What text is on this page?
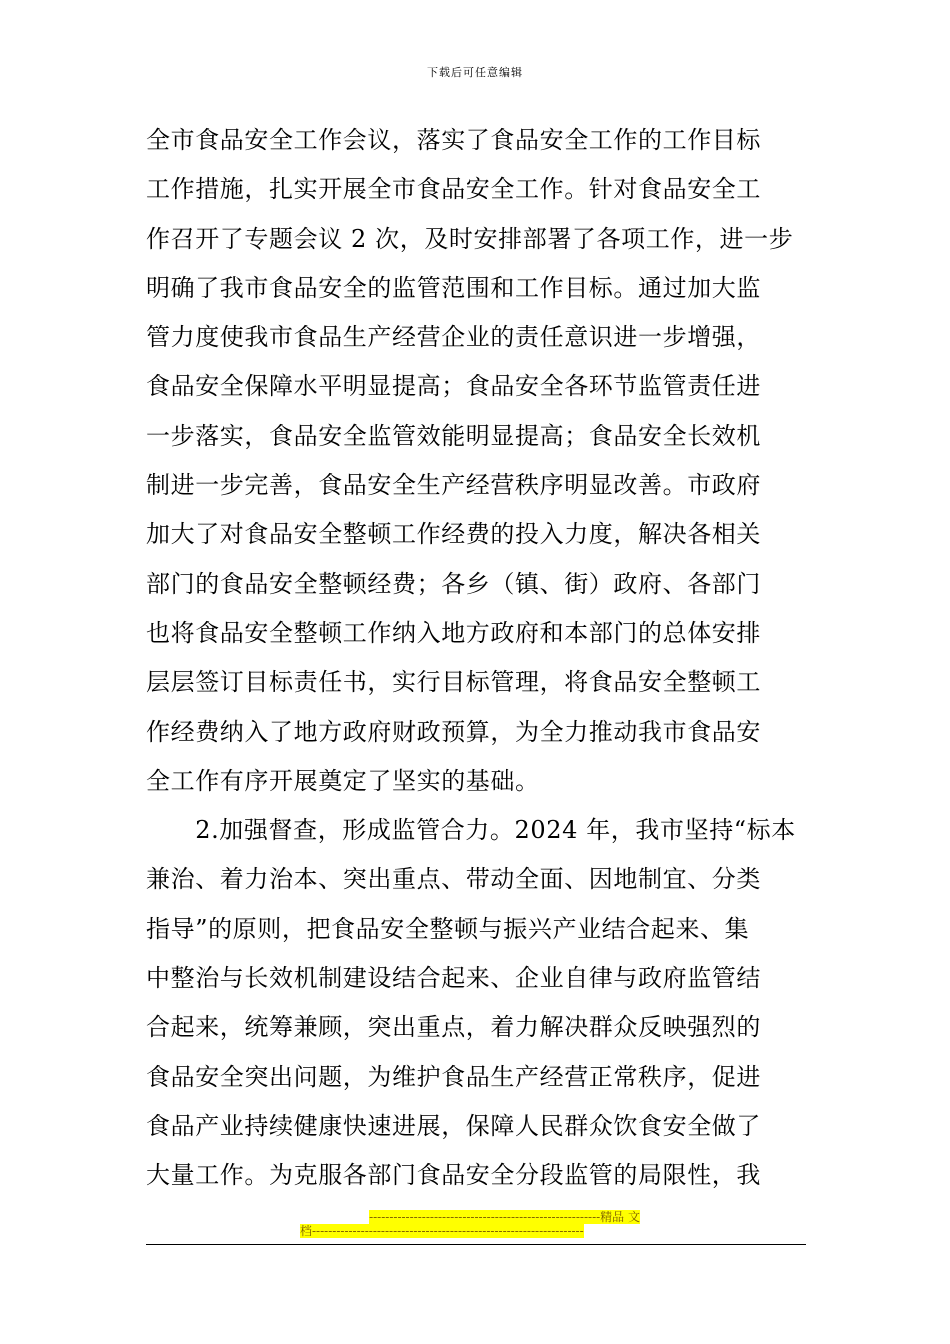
下载后可任意编辑
全市食品安全工作会议，落实了食品安全工作的工作目标
工作措施，扎实开展全市食品安全工作。针对食品安全工
作召开了专题会议 2 次，及时安排部署了各项工作，进一步
明确了我市食品安全的监管范围和工作目标。通过加大监
管力度使我市食品生产经营企业的责任意识进一步增强，
食品安全保障水平明显提高；食品安全各环节监管责任进
一步落实，食品安全监管效能明显提高；食品安全长效机
制进一步完善，食品安全生产经营秩序明显改善。市政府
加大了对食品安全整顿工作经费的投入力度，解决各相关
部门的食品安全整顿经费；各乡（镇、街）政府、各部门
也将食品安全整顿工作纳入地方政府和本部门的总体安排
层层签订目标责任书，实行目标管理，将食品安全整顿工
作经费纳入了地方政府财政预算，为全力推动我市食品安
全工作有序开展奠定了坚实的基础。
　　2.加强督查，形成监管合力。2024 年，我市坚持“标本
兼治、着力治本、突出重点、带动全面、因地制宜、分类
指导”的原则，把食品安全整顿与振兴产业结合起来、集
中整治与长效机制建设结合起来、企业自律与政府监管结
合起来，统筹兼顾，突出重点，着力解决群众反映强烈的
食品安全突出问题，为维护食品生产经营正常秩序，促进
食品产业持续健康快速进展，保障人民群众饮食安全做了
大量工作。为克服各部门食品安全分段监管的局限性，我
---------------------------------------------------------精品 文
档-------------------------------------------------------------------
